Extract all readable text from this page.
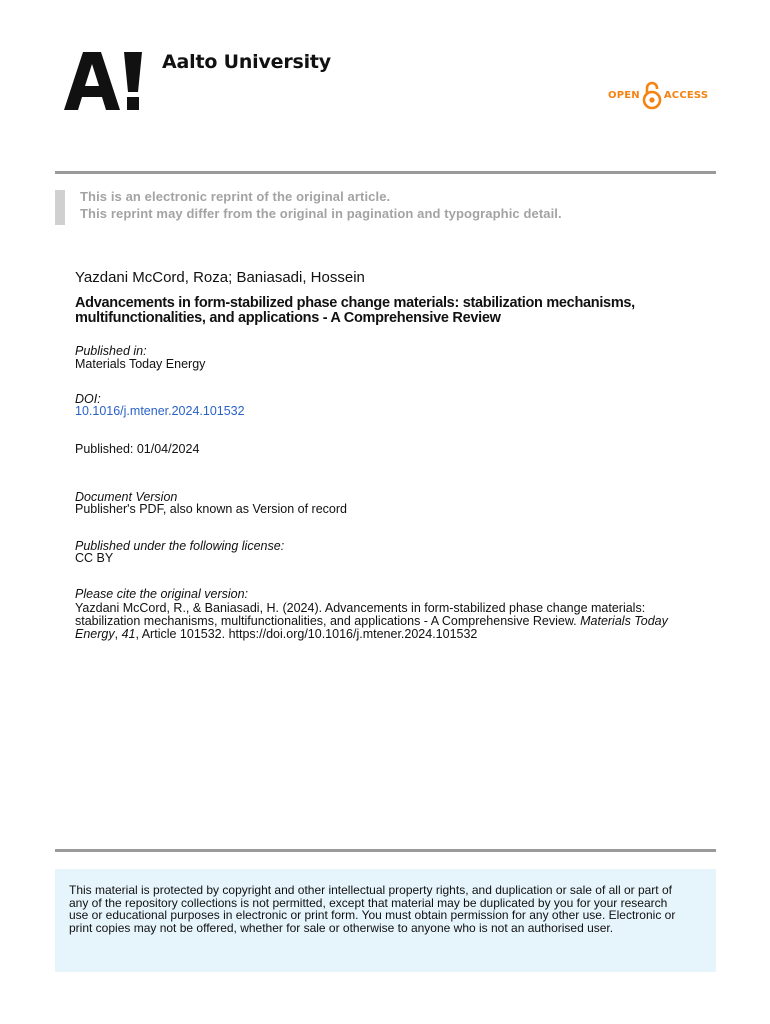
Aalto University
OPEN ACCESS
This is an electronic reprint of the original article.
This reprint may differ from the original in pagination and typographic detail.
Yazdani McCord, Roza; Baniasadi, Hossein
Advancements in form-stabilized phase change materials: stabilization mechanisms,
multifunctionalities, and applications - A Comprehensive Review
Published in:
Materials Today Energy
DOI:
10.1016/j.mtener.2024.101532
Published: 01/04/2024
Document Version
Publisher's PDF, also known as Version of record
Published under the following license:
CC BY
Please cite the original version:
Yazdani McCord, R., & Baniasadi, H. (2024). Advancements in form-stabilized phase change materials: stabilization mechanisms, multifunctionalities, and applications - A Comprehensive Review. Materials Today Energy, 41, Article 101532. https://doi.org/10.1016/j.mtener.2024.101532
This material is protected by copyright and other intellectual property rights, and duplication or sale of all or part of any of the repository collections is not permitted, except that material may be duplicated by you for your research use or educational purposes in electronic or print form. You must obtain permission for any other use. Electronic or print copies may not be offered, whether for sale or otherwise to anyone who is not an authorised user.
